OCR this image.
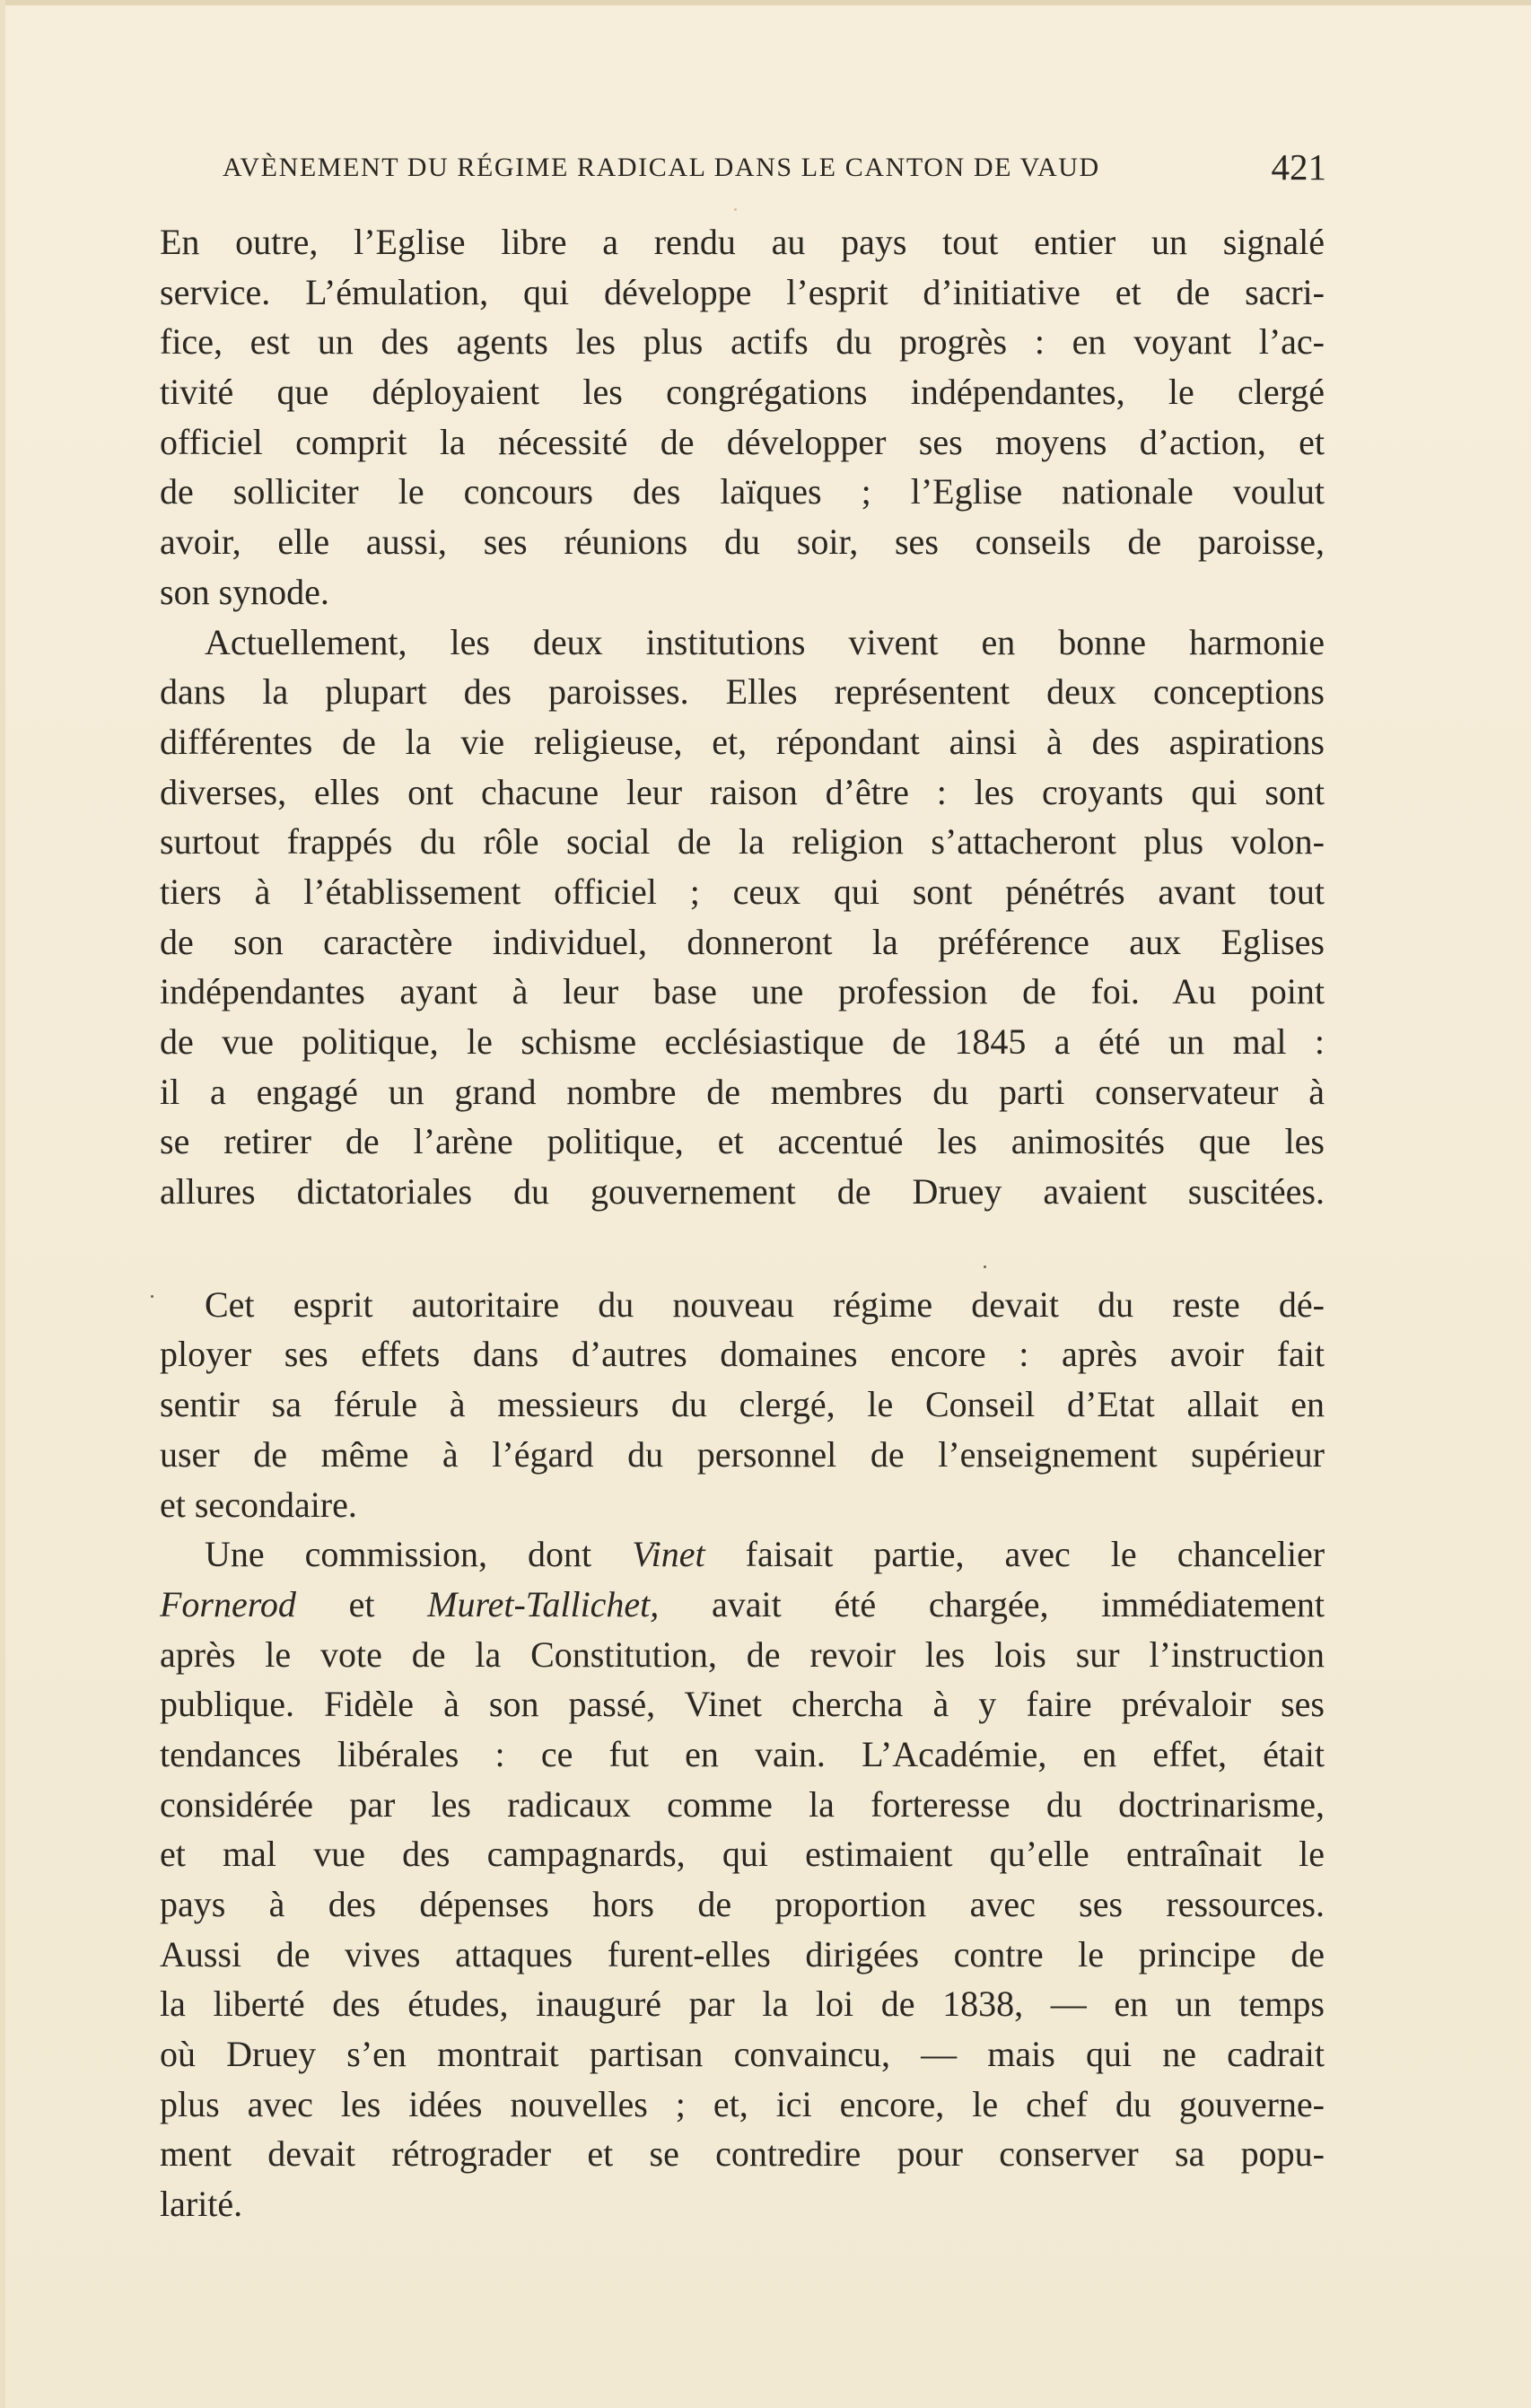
AVÈNEMENT DU RÉGIME RADICAL DANS LE CANTON DE VAUD	421
En outre, l’Eglise libre a rendu au pays tout entier un signalé
service. L’émulation, qui développe l’esprit d’initiative et de sacri-
fice, est un des agents les plus actifs du progrès : en voyant l’ac-
tivité que déployaient les congrégations indépendantes, le clergé
officiel comprit la nécessité de développer ses moyens d’action, et
de solliciter le concours des laïques ; l’Eglise nationale voulut
avoir, elle aussi, ses réunions du soir, ses conseils de paroisse,
son synode.
Actuellement, les deux institutions vivent en bonne harmonie
dans la plupart des paroisses. Elles représentent deux conceptions
différentes de la vie religieuse, et, répondant ainsi à des aspirations
diverses, elles ont chacune leur raison d’être : les croyants qui sont
surtout frappés du rôle social de la religion s’attacheront plus volon-
tiers à l’établissement officiel ; ceux qui sont pénétrés avant tout
de son caractère individuel, donneront la préférence aux Eglises
indépendantes ayant à leur base une profession de foi. Au point
de vue politique, le schisme ecclésiastique de 1845 a été un mal :
il a engagé un grand nombre de membres du parti conservateur à
se retirer de l’arène politique, et accentué les animosités que les
allures dictatoriales du gouvernement de Druey avaient suscitées.
Cet esprit autoritaire du nouveau régime devait du reste dé-
ployer ses effets dans d’autres domaines encore : après avoir fait
sentir sa férule à messieurs du clergé, le Conseil d’Etat allait en
user de même à l’égard du personnel de l’enseignement supérieur
et secondaire.
Une commission, dont Vinet faisait partie, avec le chancelier
Fornerod et Muret-Tallichet, avait été chargée, immédiatement
après le vote de la Constitution, de revoir les lois sur l’instruction
publique. Fidèle à son passé, Vinet chercha à y faire prévaloir ses
tendances libérales : ce fut en vain. L’Académie, en effet, était
considérée par les radicaux comme la forteresse du doctrinarisme,
et mal vue des campagnards, qui estimaient qu’elle entraînait le
pays à des dépenses hors de proportion avec ses ressources.
Aussi de vives attaques furent-elles dirigées contre le principe de
la liberté des études, inauguré par la loi de 1838, — en un temps
où Druey s’en montrait partisan convaincu, — mais qui ne cadrait
plus avec les idées nouvelles ; et, ici encore, le chef du gouverne-
ment devait rétrograder et se contredire pour conserver sa popu-
larité.
